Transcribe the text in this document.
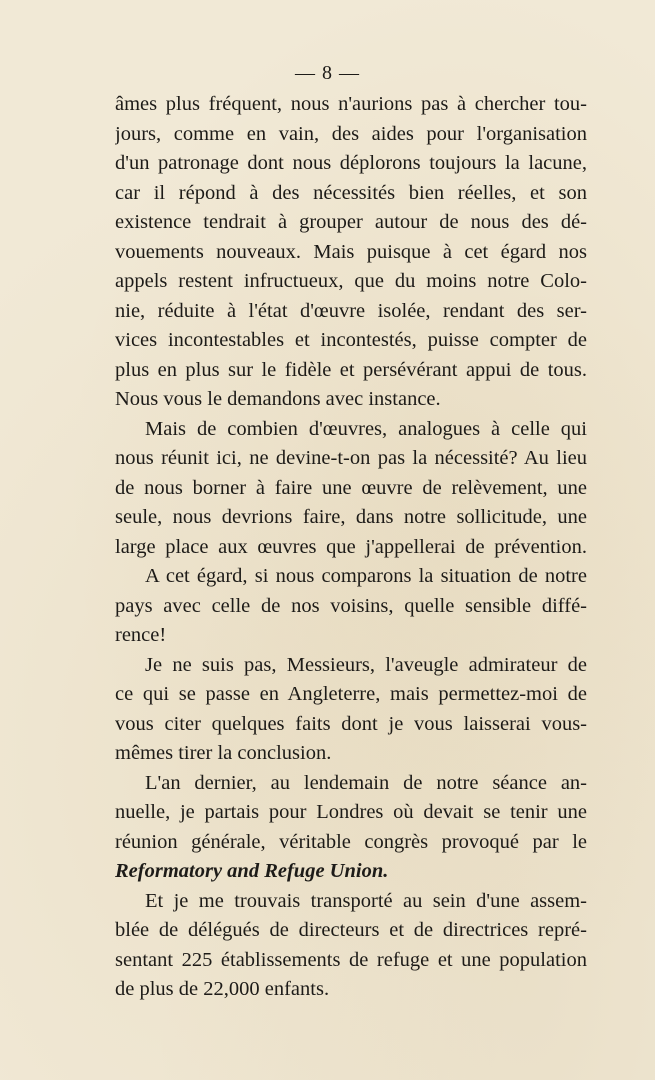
— 8 —
âmes plus fréquent, nous n'aurions pas à chercher tou-
jours, comme en vain, des aides pour l'organisation
d'un patronage dont nous déplorons toujours la lacune,
car il répond à des nécessités bien réelles, et son
existence tendrait à grouper autour de nous des dé-
vouements nouveaux. Mais puisque à cet égard nos
appels restent infructueux, que du moins notre Colo-
nie, réduite à l'état d'œuvre isolée, rendant des ser-
vices incontestables et incontestés, puisse compter de
plus en plus sur le fidèle et persévérant appui de tous.
Nous vous le demandons avec instance.
Mais de combien d'œuvres, analogues à celle qui
nous réunit ici, ne devine-t-on pas la nécessité? Au lieu
de nous borner à faire une œuvre de relèvement, une
seule, nous devrions faire, dans notre sollicitude, une
large place aux œuvres que j'appellerai de prévention.
A cet égard, si nous comparons la situation de notre
pays avec celle de nos voisins, quelle sensible diffé-
rence!
Je ne suis pas, Messieurs, l'aveugle admirateur de
ce qui se passe en Angleterre, mais permettez-moi de
vous citer quelques faits dont je vous laisserai vous-
mêmes tirer la conclusion.
L'an dernier, au lendemain de notre séance an-
nuelle, je partais pour Londres où devait se tenir une
réunion générale, véritable congrès provoqué par le
Reformatory and Refuge Union.
Et je me trouvais transporté au sein d'une assem-
blée de délégués de directeurs et de directrices repré-
sentant 225 établissements de refuge et une population
de plus de 22,000 enfants.
